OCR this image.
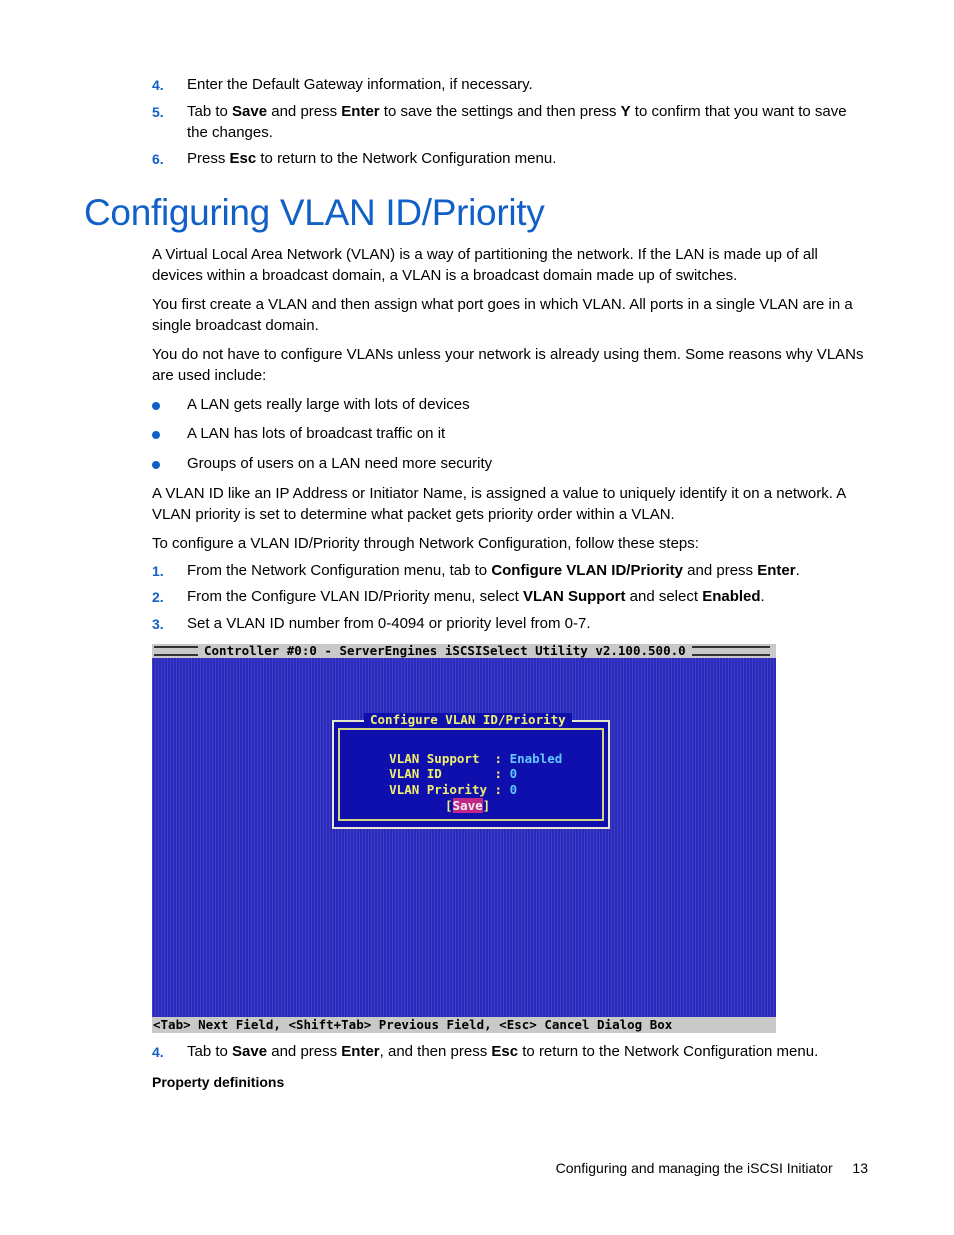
4. Enter the Default Gateway information, if necessary.
5. Tab to Save and press Enter to save the settings and then press Y to confirm that you want to save the changes.
6. Press Esc to return to the Network Configuration menu.
Configuring VLAN ID/Priority
A Virtual Local Area Network (VLAN) is a way of partitioning the network. If the LAN is made up of all devices within a broadcast domain, a VLAN is a broadcast domain made up of switches.
You first create a VLAN and then assign what port goes in which VLAN. All ports in a single VLAN are in a single broadcast domain.
You do not have to configure VLANs unless your network is already using them. Some reasons why VLANs are used include:
A LAN gets really large with lots of devices
A LAN has lots of broadcast traffic on it
Groups of users on a LAN need more security
A VLAN ID like an IP Address or Initiator Name, is assigned a value to uniquely identify it on a network. A VLAN priority is set to determine what packet gets priority order within a VLAN.
To configure a VLAN ID/Priority through Network Configuration, follow these steps:
1. From the Network Configuration menu, tab to Configure VLAN ID/Priority and press Enter.
2. From the Configure VLAN ID/Priority menu, select VLAN Support and select Enabled.
3. Set a VLAN ID number from 0-4094 or priority level from 0-7.
Controller #0:0 - ServerEngines iSCSISelect Utility v2.100.500.0
Configure VLAN ID/Priority

VLAN Support  : Enabled

VLAN ID       : 0

VLAN Priority : 0

[Save]
<Tab> Next Field, <Shift+Tab> Previous Field, <Esc> Cancel Dialog Box
4. Tab to Save and press Enter, and then press Esc to return to the Network Configuration menu.
Property definitions
Configuring and managing the iSCSI Initiator 13
